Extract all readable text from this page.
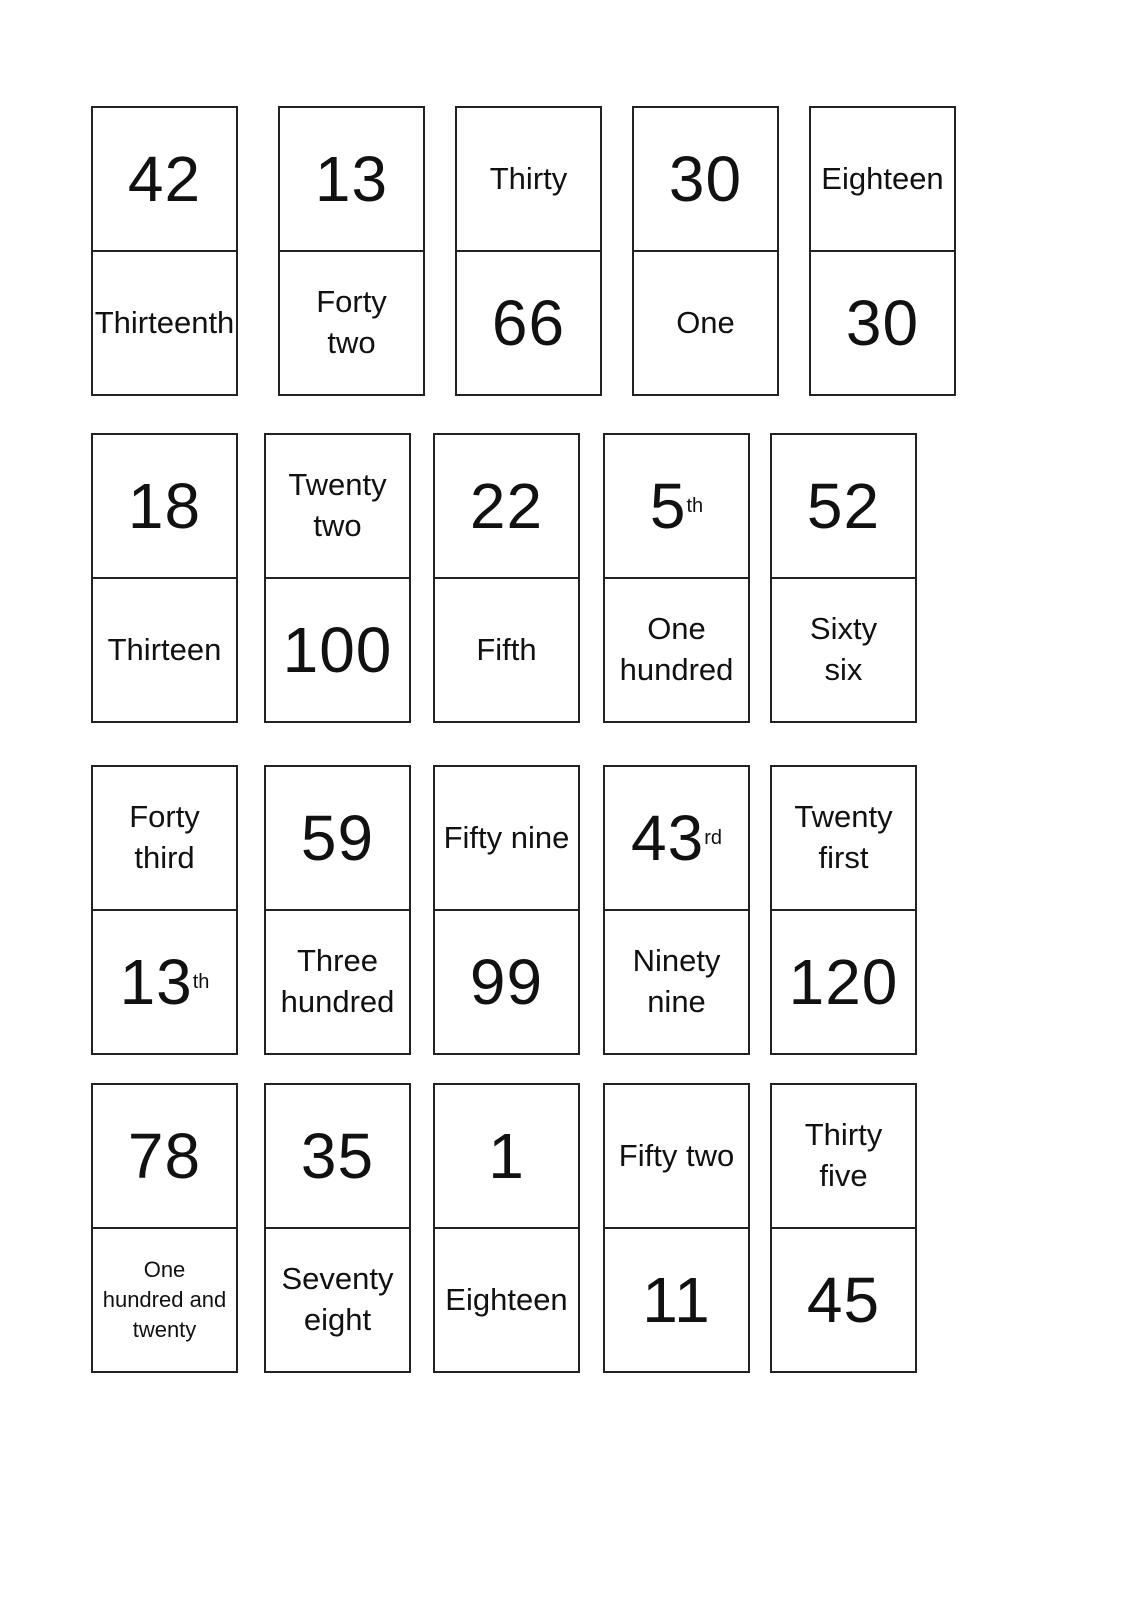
42
Thirteenth
13
Forty
two
Thirty
66
30
One
Eighteen
30
18
Thirteen
Twenty
two
100
22
Fifth
5 th
One
hundred
52
Sixty
six
Forty
third
13 th
59
Three
hundred
Fifty nine
99
43 rd
Ninety
nine
Twenty
first
120
78
One
hundred and
twenty
35
Seventy
eight
1
Eighteen
Fifty two
11
Thirty
five
45
